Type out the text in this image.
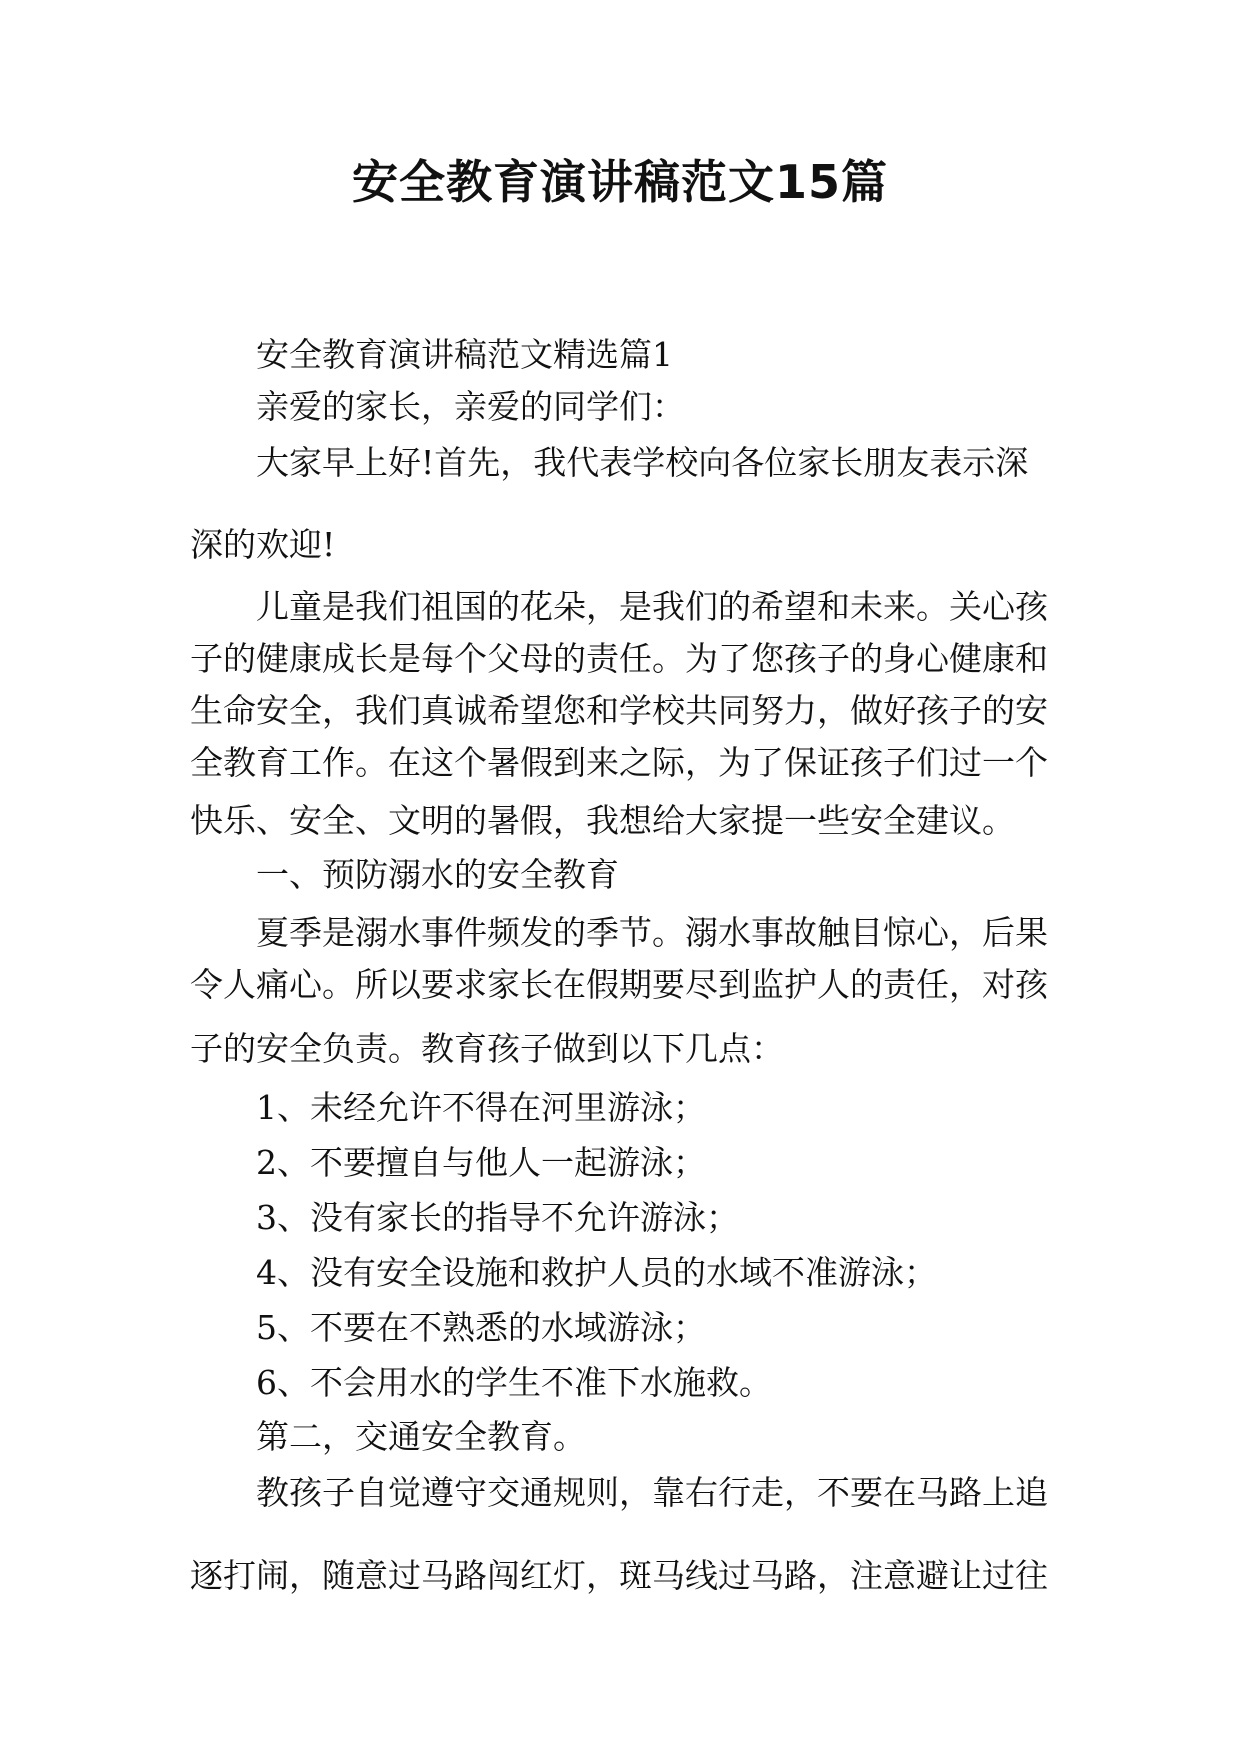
安全教育演讲稿范文15篇

安全教育演讲稿范文精选篇1

亲爱的家长，亲爱的同学们：

大家早上好!首先，我代表学校向各位家长朋友表示深

深的欢迎!

儿童是我们祖国的花朵，是我们的希望和未来。关心孩

子的健康成长是每个父母的责任。为了您孩子的身心健康和

生命安全，我们真诚希望您和学校共同努力，做好孩子的安

全教育工作。在这个暑假到来之际，为了保证孩子们过一个

快乐、安全、文明的暑假，我想给大家提一些安全建议。

一、预防溺水的安全教育

夏季是溺水事件频发的季节。溺水事故触目惊心，后果

令人痛心。所以要求家长在假期要尽到监护人的责任，对孩

子的安全负责。教育孩子做到以下几点：

1、未经允许不得在河里游泳；

2、不要擅自与他人一起游泳；

3、没有家长的指导不允许游泳；

4、没有安全设施和救护人员的水域不准游泳；

5、不要在不熟悉的水域游泳；

6、不会用水的学生不准下水施救。

第二，交通安全教育。

教孩子自觉遵守交通规则，靠右行走，不要在马路上追

逐打闹，随意过马路闯红灯，斑马线过马路，注意避让过往
